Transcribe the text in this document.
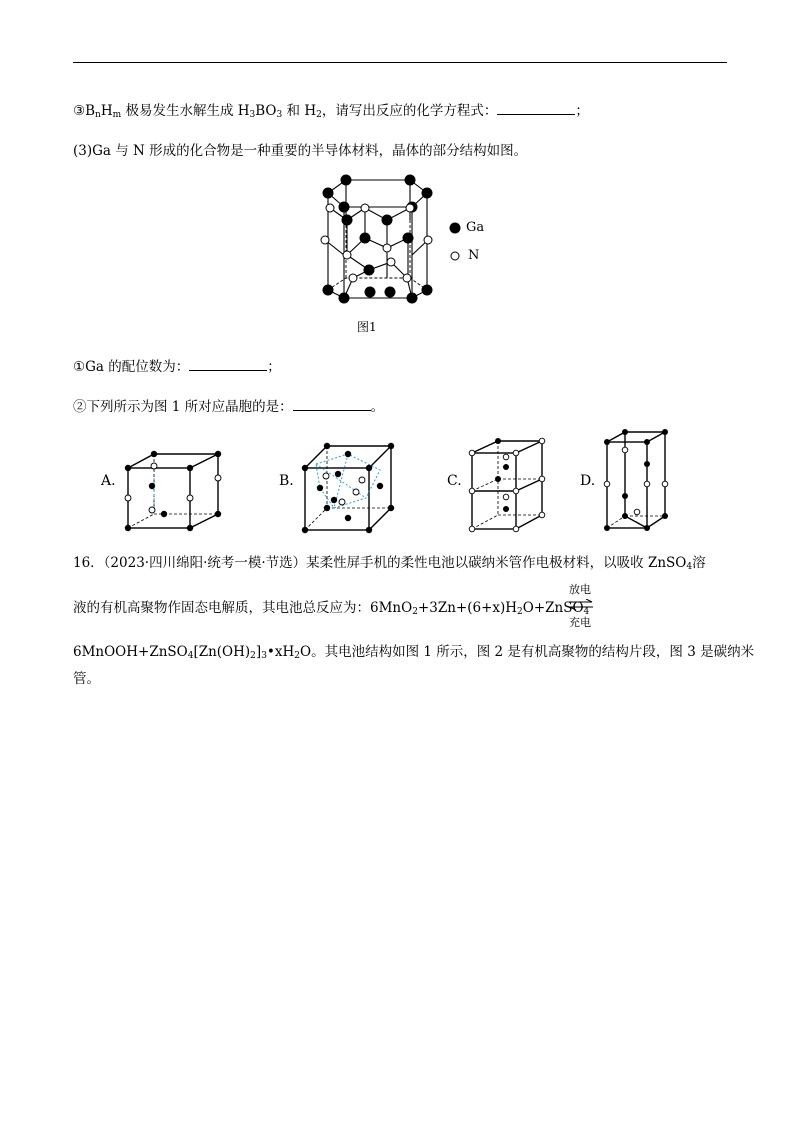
$③B_nH_m$ 极易发生水解生成 $H_3BO_3$ 和 $H_2$，请写出反应的化学方程式：	；
(3)Ga 与 N 形成的化合物是一种重要的半导体材料，晶体的部分结构如图。
Ga
N
图1
①Ga 的配位数为：	；
②下列所示为图 1 所对应晶胞的是：	。
A.	B.	C.	D.
16．（2023·四川绵阳·统考一模·节选）某柔性屏手机的柔性电池以碳纳米管作电极材料，以吸收 ZnSO$_4$溶
液的有机高聚物作固态电解质，其电池总反应为：$6MnO_2+3Zn+(6+x)H_2O+ZnSO_4$
放电
充电
$6MnOOH+ZnSO_4[Zn(OH)_2]_3•xH_2O$。其电池结构如图 1 所示，图 2 是有机高聚物的结构片段，图 3 是碳纳米
管。
